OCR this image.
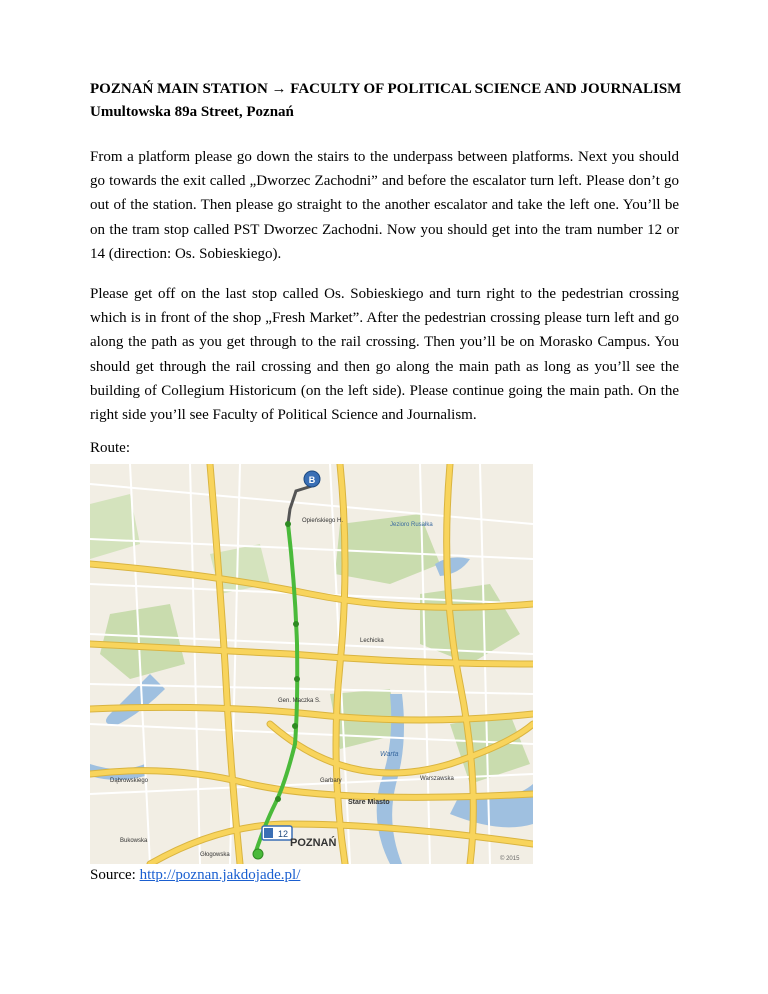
POZNAŃ MAIN STATION → FACULTY OF POLITICAL SCIENCE AND JOURNALISM
Umultowska 89a Street, Poznań
From a platform please go down the stairs to the underpass between platforms. Next you should go towards the exit called „Dworzec Zachodni” and before the escalator turn left. Please don’t go out of the station. Then please go straight to the another escalator and take the left one. You’ll be on the tram stop called PST Dworzec Zachodni. Now you should get into the tram number 12 or 14 (direction: Os. Sobieskiego).
Please get off on the last stop called Os. Sobieskiego and turn right to the pedestrian crossing which is in front of the shop „Fresh Market”. After the pedestrian crossing please turn left and go along the path as you get through to the rail crossing. Then you’ll be on Morasko Campus. You should get through the rail crossing and then go along the main path as long as you’ll see the building of Collegium Historicum (on the left side). Please continue going the main path. On the right side you’ll see Faculty of Political Science and Journalism.
Route:
B
12
POZNAŃ
Stare Miasto
Warta
Opieńskiego H.
Jezioro Rusałka
Lechicka
Gen. Maczka S.
Warszawska
Garbary
Dąbrowskiego
Bukowska
Głogowska
© 2015
Source: http://poznan.jakdojade.pl/
